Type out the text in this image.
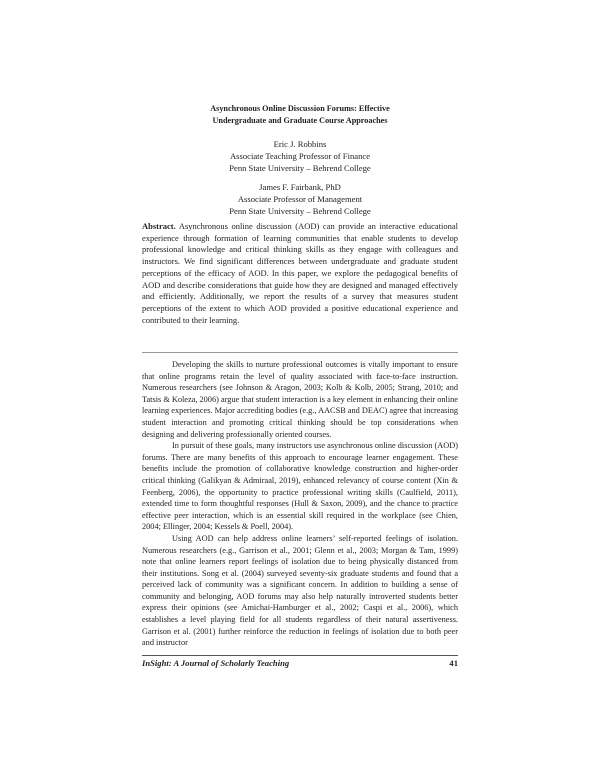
Asynchronous Online Discussion Forums: Effective
Undergraduate and Graduate Course Approaches
Eric J. Robbins
Associate Teaching Professor of Finance
Penn State University – Behrend College
James F. Fairbank, PhD
Associate Professor of Management
Penn State University – Behrend College
Abstract. Asynchronous online discussion (AOD) can provide an interactive educational experience through formation of learning communities that enable students to develop professional knowledge and critical thinking skills as they engage with colleagues and instructors. We find significant differences between undergraduate and graduate student perceptions of the efficacy of AOD. In this paper, we explore the pedagogical benefits of AOD and describe considerations that guide how they are designed and managed effectively and efficiently. Additionally, we report the results of a survey that measures student perceptions of the extent to which AOD provided a positive educational experience and contributed to their learning.

Developing the skills to nurture professional outcomes is vitally important to ensure that online programs retain the level of quality associated with face-to-face instruction. Numerous researchers (see Johnson & Aragon, 2003; Kolb & Kolb, 2005; Strang, 2010; and Tatsis & Koleza, 2006) argue that student interaction is a key element in enhancing their online learning experiences. Major accrediting bodies (e.g., AACSB and DEAC) agree that increasing student interaction and promoting critical thinking should be top considerations when designing and delivering professionally oriented courses.

In pursuit of these goals, many instructors use asynchronous online discussion (AOD) forums. There are many benefits of this approach to encourage learner engagement. These benefits include the promotion of collaborative knowledge construction and higher-order critical thinking (Galikyan & Admiraal, 2019), enhanced relevancy of course content (Xin & Feenberg, 2006), the opportunity to practice professional writing skills (Caulfield, 2011), extended time to form thoughtful responses (Hull & Saxon, 2009), and the chance to practice effective peer interaction, which is an essential skill required in the workplace (see Chien, 2004; Ellinger, 2004; Kessels & Poell, 2004).

Using AOD can help address online learners’ self-reported feelings of isolation. Numerous researchers (e.g., Garrison et al., 2001; Glenn et al., 2003; Morgan & Tam, 1999) note that online learners report feelings of isolation due to being physically distanced from their institutions. Song et al. (2004) surveyed seventy-six graduate students and found that a perceived lack of community was a significant concern. In addition to building a sense of community and belonging, AOD forums may also help naturally introverted students better express their opinions (see Amichai-Hamburger et al., 2002; Caspi et al., 2006), which establishes a level playing field for all students regardless of their natural assertiveness. Garrison et al. (2001) further reinforce the reduction in feelings of isolation due to both peer and instructor

InSight: A Journal of Scholarly Teaching	41
